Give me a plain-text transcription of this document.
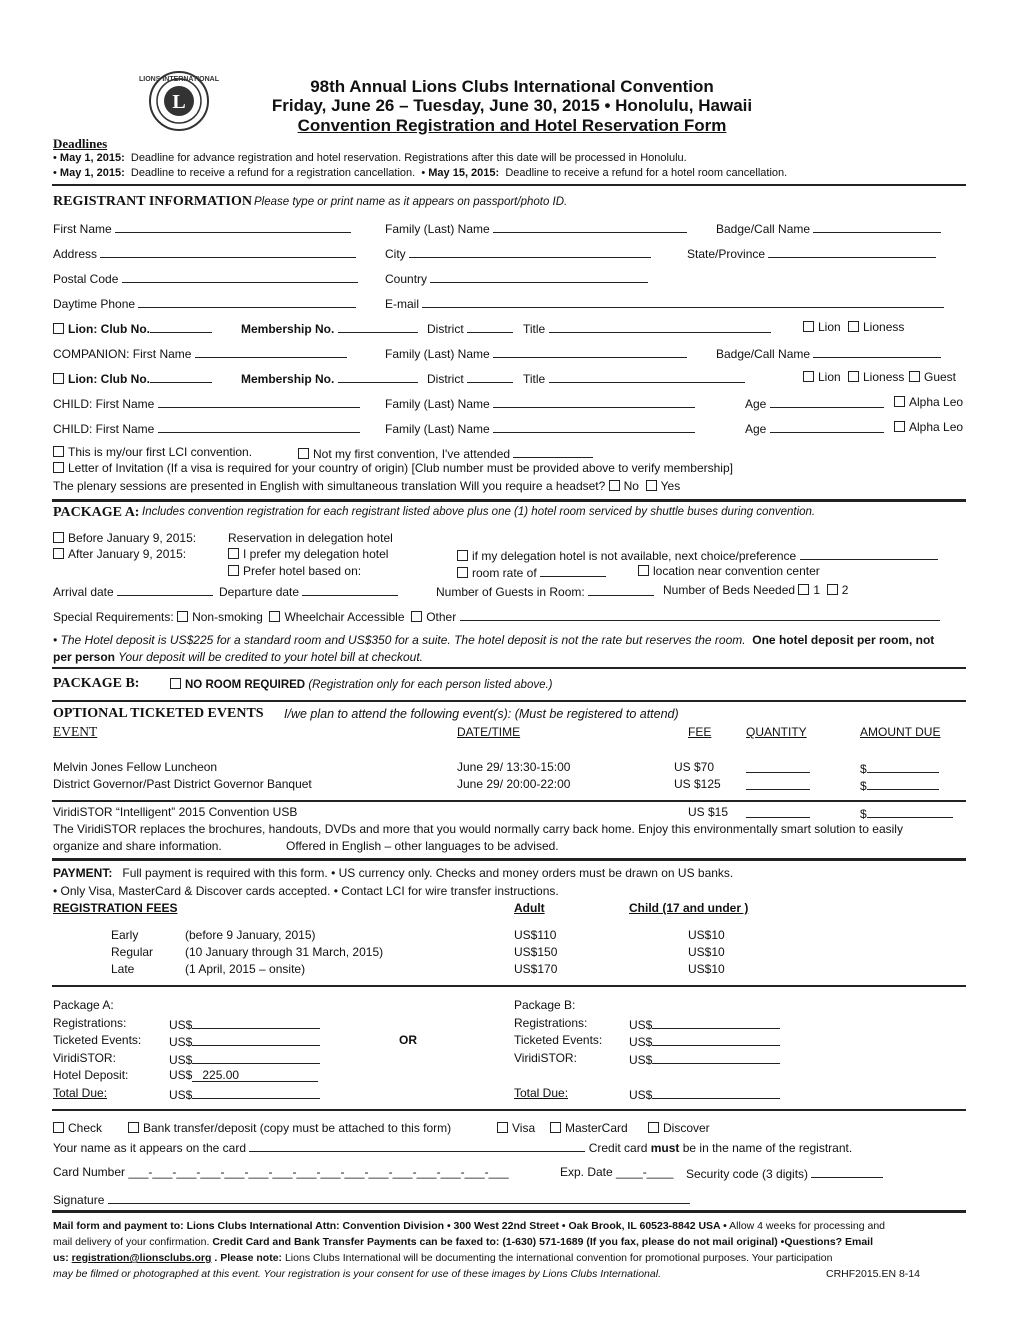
L
LIONS INTERNATIONAL	98th Annual Lions Clubs International Convention
Friday, June 26 – Tuesday, June 30, 2015 • Honolulu, Hawaii
Convention Registration and Hotel Reservation Form
Deadlines
• May 1, 2015: Deadline for advance registration and hotel reservation. Registrations after this date will be processed in Honolulu.
• May 1, 2015: Deadline to receive a refund for a registration cancellation.  • May 15, 2015: Deadline to receive a refund for a hotel room cancellation.
REGISTRANT INFORMATION Please type or print name as it appears on passport/photo ID.
First Name	Family (Last) Name	Badge/Call Name
Address	City	State/Province
Postal Code	Country
Daytime Phone	E-mail
Lion: Club No.	Membership No.	District	Title	Lion	Lioness
COMPANION: First Name	Family (Last) Name	Badge/Call Name
Lion: Club No.	Membership No.	District	Title	Lion	Lioness	Guest
CHILD: First Name	Family (Last) Name	Age	Alpha Leo
CHILD: First Name	Family (Last) Name	Age	Alpha Leo
This is my/our first LCI convention.	Not my first convention, I've attended
Letter of Invitation (If a visa is required for your country of origin) [Club number must be provided above to verify membership]
The plenary sessions are presented in English with simultaneous translation Will you require a headset? No Yes
PACKAGE A: Includes convention registration for each registrant listed above plus one (1) hotel room serviced by shuttle buses during convention.
Before January 9, 2015:	Reservation in delegation hotel
After January 9, 2015:	I prefer my delegation hotel	if my delegation hotel is not available, next choice/preference
Prefer hotel based on:	room rate of	location near convention center
Arrival date	Departure date	Number of Guests in Room:	Number of Beds Needed 1 2
Special Requirements: Non-smoking Wheelchair Accessible Other
• The Hotel deposit is US$225 for a standard room and US$350 for a suite. The hotel deposit is not the rate but reserves the room. One hotel deposit per room, not
per person Your deposit will be credited to your hotel bill at checkout.
PACKAGE B:	NO ROOM REQUIRED (Registration only for each person listed above.)
OPTIONAL TICKETED EVENTS I/we plan to attend the following event(s): (Must be registered to attend)
EVENT	DATE/TIME	FEE	QUANTITY	AMOUNT DUE
Melvin Jones Fellow Luncheon	June 29/ 13:30-15:00	US $70	$
District Governor/Past District Governor Banquet	June 29/ 20:00-22:00	US $125	$
ViridiSTOR “Intelligent” 2015 Convention USB	US $15	$
The ViridiSTOR replaces the brochures, handouts, DVDs and more that you would normally carry back home. Enjoy this environmentally smart solution to easily
organize and share information.	Offered in English – other languages to be advised.
PAYMENT: Full payment is required with this form. • US currency only. Checks and money orders must be drawn on US banks.
• Only Visa, MasterCard & Discover cards accepted. • Contact LCI for wire transfer instructions.
REGISTRATION FEES	Adult	Child (17 and under )
Early	(before 9 January, 2015)	US$110	US$10
Regular	(10 January through 31 March, 2015)	US$150	US$10
Late	(1 April, 2015 – onsite)	US$170	US$10
Package A:
Registrations:	US$
Ticketed Events: US$
ViridiSTOR:	US$
Hotel Deposit:	US$ 225.00
Total Due:	US$
OR
Package B:
Registrations:	US$
Ticketed Events: US$
ViridiSTOR:	US$
Total Due:	US$
Check	Bank transfer/deposit (copy must be attached to this form)	Visa	MasterCard	Discover
Your name as it appears on the card	Credit card must be in the name of the registrant.
Card Number ___-___-___-___-___-___-___-___-___-___-___-___-___-___-___-___	Exp. Date ____-____ Security code (3 digits)
Signature
Mail form and payment to: Lions Clubs International Attn: Convention Division • 300 West 22nd Street • Oak Brook, IL 60523-8842 USA • Allow 4 weeks for processing and
mail delivery of your confirmation. Credit Card and Bank Transfer Payments can be faxed to: (1-630) 571-1689 (If you fax, please do not mail original) •Questions? Email
us: registration@lionsclubs.org . Please note: Lions Clubs International will be documenting the international convention for promotional purposes. Your participation
may be filmed or photographed at this event. Your registration is your consent for use of these images by Lions Clubs International.	CRHF2015.EN 8-14
